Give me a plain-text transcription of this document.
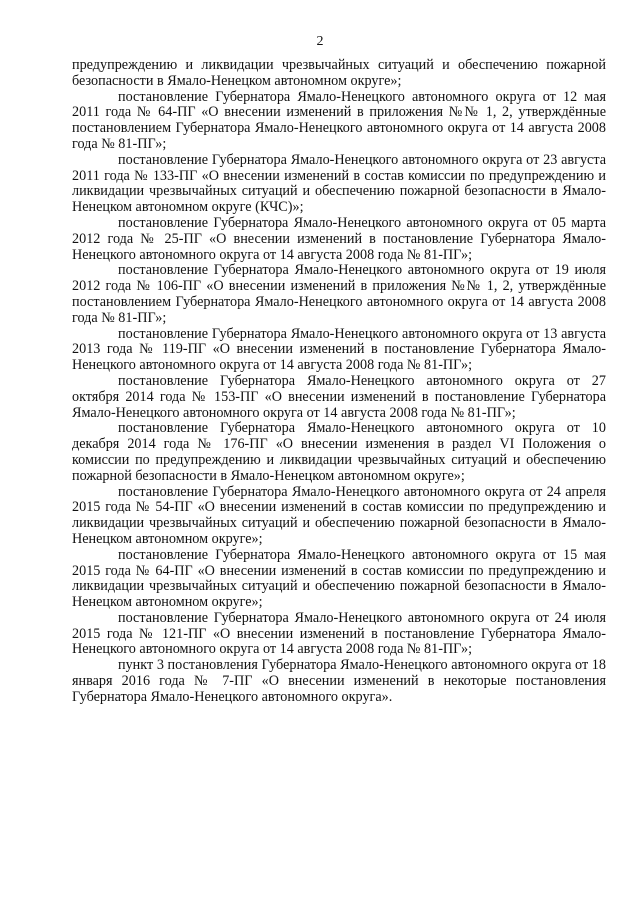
2

предупреждению и ликвидации чрезвычайных ситуаций и обеспечению пожарной безопасности в Ямало-Ненецком автономном округе»;

постановление Губернатора Ямало-Ненецкого автономного округа от 12 мая 2011 года № 64-ПГ «О внесении изменений в приложения №№ 1, 2, утверждённые постановлением Губернатора Ямало-Ненецкого автономного округа от 14 августа 2008 года № 81-ПГ»;

постановление Губернатора Ямало-Ненецкого автономного округа от 23 августа 2011 года № 133-ПГ «О внесении изменений в состав комиссии по предупреждению и ликвидации чрезвычайных ситуаций и обеспечению пожарной безопасности в Ямало-Ненецком автономном округе (КЧС)»;

постановление Губернатора Ямало-Ненецкого автономного округа от 05 марта 2012 года № 25-ПГ «О внесении изменений в постановление Губернатора Ямало-Ненецкого автономного округа от 14 августа 2008 года № 81-ПГ»;

постановление Губернатора Ямало-Ненецкого автономного округа от 19 июля 2012 года № 106-ПГ «О внесении изменений в приложения №№ 1, 2, утверждённые постановлением Губернатора Ямало-Ненецкого автономного округа от 14 августа 2008 года № 81-ПГ»;

постановление Губернатора Ямало-Ненецкого автономного округа от 13 августа 2013 года № 119-ПГ «О внесении изменений в постановление Губернатора Ямало-Ненецкого автономного округа от 14 августа 2008 года № 81-ПГ»;

постановление Губернатора Ямало-Ненецкого автономного округа от 27 октября 2014 года № 153-ПГ «О внесении изменений в постановление Губернатора Ямало-Ненецкого автономного округа от 14 августа 2008 года № 81-ПГ»;

постановление Губернатора Ямало-Ненецкого автономного округа от 10 декабря 2014 года № 176-ПГ «О внесении изменения в раздел VI Положения о комиссии по предупреждению и ликвидации чрезвычайных ситуаций и обеспечению пожарной безопасности в Ямало-Ненецком автономном округе»;

постановление Губернатора Ямало-Ненецкого автономного округа от 24 апреля 2015 года № 54-ПГ «О внесении изменений в состав комиссии по предупреждению и ликвидации чрезвычайных ситуаций и обеспечению пожарной безопасности в Ямало-Ненецком автономном округе»;

постановление Губернатора Ямало-Ненецкого автономного округа от 15 мая 2015 года № 64-ПГ «О внесении изменений в состав комиссии по предупреждению и ликвидации чрезвычайных ситуаций и обеспечению пожарной безопасности в Ямало-Ненецком автономном округе»;

постановление Губернатора Ямало-Ненецкого автономного округа от 24 июля 2015 года № 121-ПГ «О внесении изменений в постановление Губернатора Ямало-Ненецкого автономного округа от 14 августа 2008 года № 81-ПГ»;

пункт 3 постановления Губернатора Ямало-Ненецкого автономного округа от 18 января 2016 года № 7-ПГ «О внесении изменений в некоторые постановления Губернатора Ямало-Ненецкого автономного округа».
